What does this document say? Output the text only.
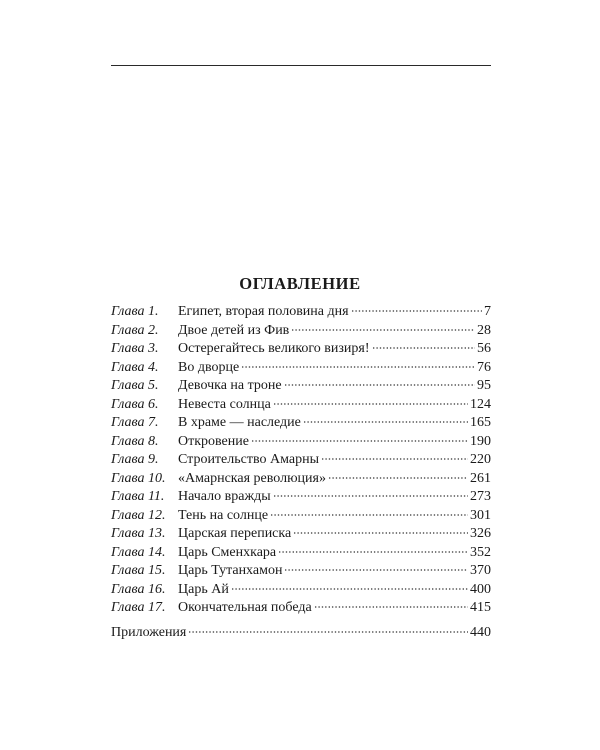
ОГЛАВЛЕНИЕ
Глава 1.	Египет, вторая половина дня	7
Глава 2.	Двое детей из Фив	28
Глава 3.	Остерегайтесь великого визиря!	56
Глава 4.	Во дворце	76
Глава 5.	Девочка на троне	95
Глава 6.	Невеста солнца	124
Глава 7.	В храме — наследие	165
Глава 8.	Откровение	190
Глава 9.	Строительство Амарны	220
Глава 10. «Амарнская революция»	261
Глава 11. Начало вражды	273
Глава 12. Тень на солнце	301
Глава 13. Царская переписка	326
Глава 14. Царь Сменхкара	352
Глава 15. Царь Тутанхамон	370
Глава 16. Царь Ай	400
Глава 17. Окончательная победа	415
Приложения	440
